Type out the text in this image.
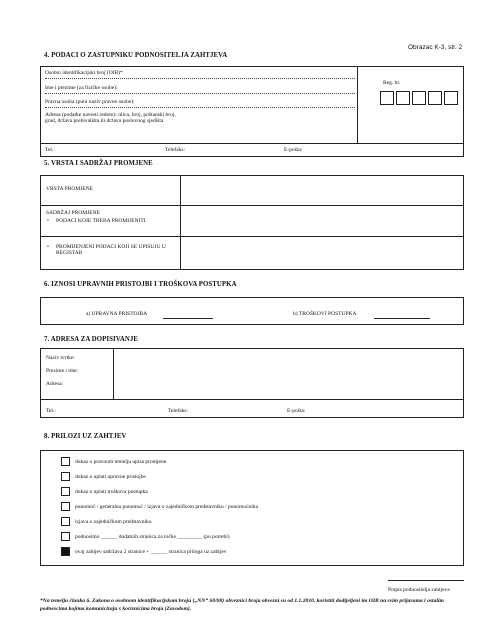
Obrazac K-3, str. 2
4. PODACI O ZASTUPNIKU PODNOSITELJA ZAHTJEVA
Osobni identifikacijski broj (OIB)*
Ime i prezime (za fizičke osobe):
Pravna osoba (puni naziv pravne osobe):
Adresa (podatke navesti redom): ulica, broj, poštanski broj, grad, država prebivališta ili država poslovnog sjedišta
Reg. br.
Tel.:	Telefaks:	E-pošta:
5. VRSTA I SADRŽAJ PROMJENE
VRSTA PROMJENE
SADRŽAJ PROMJENE
•	PODACI KOJE TREBA PROMIJENITI
•	PROMIJENJENI PODACI KOJI SE UPISUJU U REGISTAR
6. IZNOSI UPRAVNIH PRISTOJBI I TROŠKOVA POSTUPKA
a) UPRAVNA PRISTOJBA	b) TROŠKOVI POSTUPKA
7. ADRESA ZA DOPISIVANJE
Naziv tvrtke:
Prezime i ime:
Adresa:
Tel.:	Telefaks:	E-pošta:
8. PRILOZI UZ ZAHTJEV
dokaz o pravnom temelju upisa promjene
dokaz o uplati upravne pristojbe
dokaz o uplati troškova postupka
punomoć / generalna punomoć / izjava o zajedničkom predstavniku / punomoćniku
izjava o zajedničkom predstavniku
podnosimo ______ dodatnih stranica za točke _________ (po potrebi)
ovaj zahtjev sadržava 2 stranice + ______ stranica priloga uz zahtjev
Potpis podnositelja zahtjeva
*Na temelju članka 6. Zakona o osobnom identifikacijskom broju („NN“ 60/08) obveznici broja obvezni su od 1.1.2010. koristiti dodijeljeni im OIB na svim prijavama i ostalim podnescima kojima komuniciraju s korisnicima broja (Zavodom).
